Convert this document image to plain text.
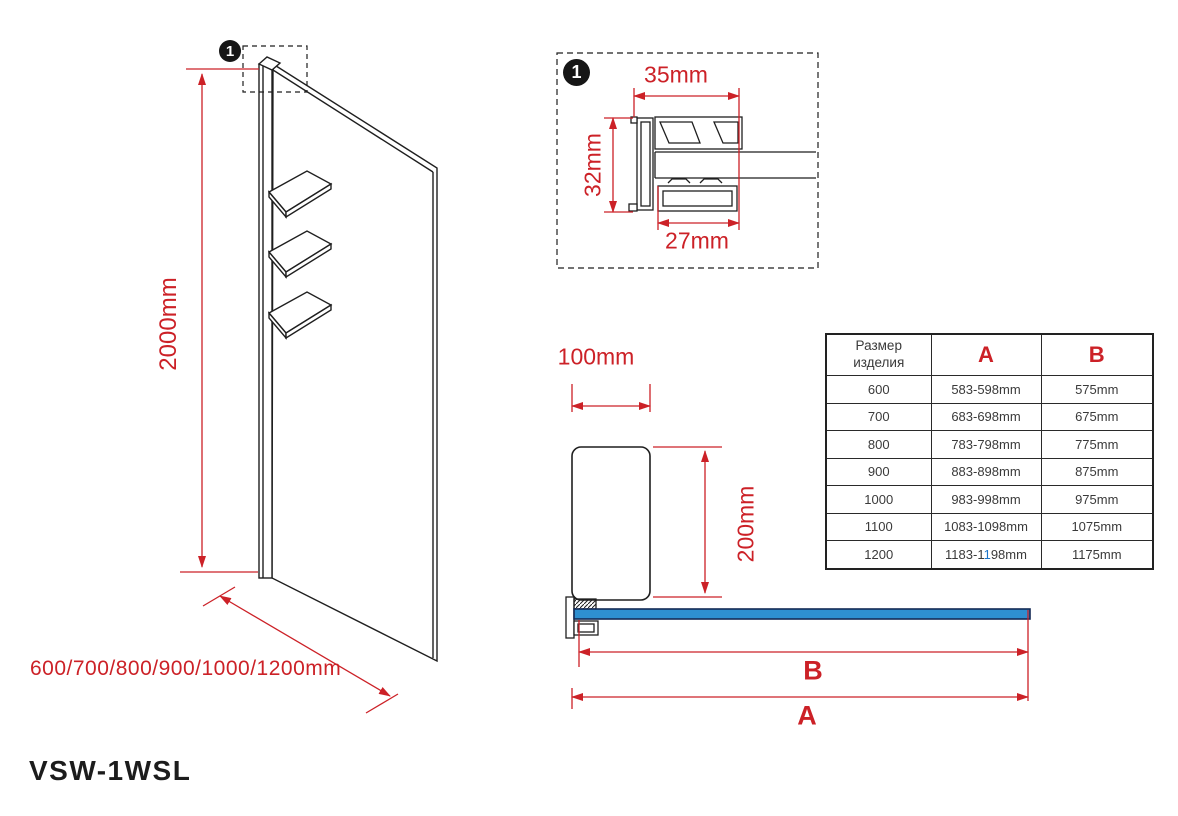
1
1
2000mm
600/700/800/900/1000/1200mm
35mm
32mm
27mm
100mm
200mm
B
A
Размер
изделия	A	B
600	583-598mm	575mm
700	683-698mm	675mm
800	783-798mm	775mm
900	883-898mm	875mm
1000	983-998mm	975mm
1100	1083-1098mm	1075mm
1200	1183-1198mm	1175mm
VSW-1WSL
